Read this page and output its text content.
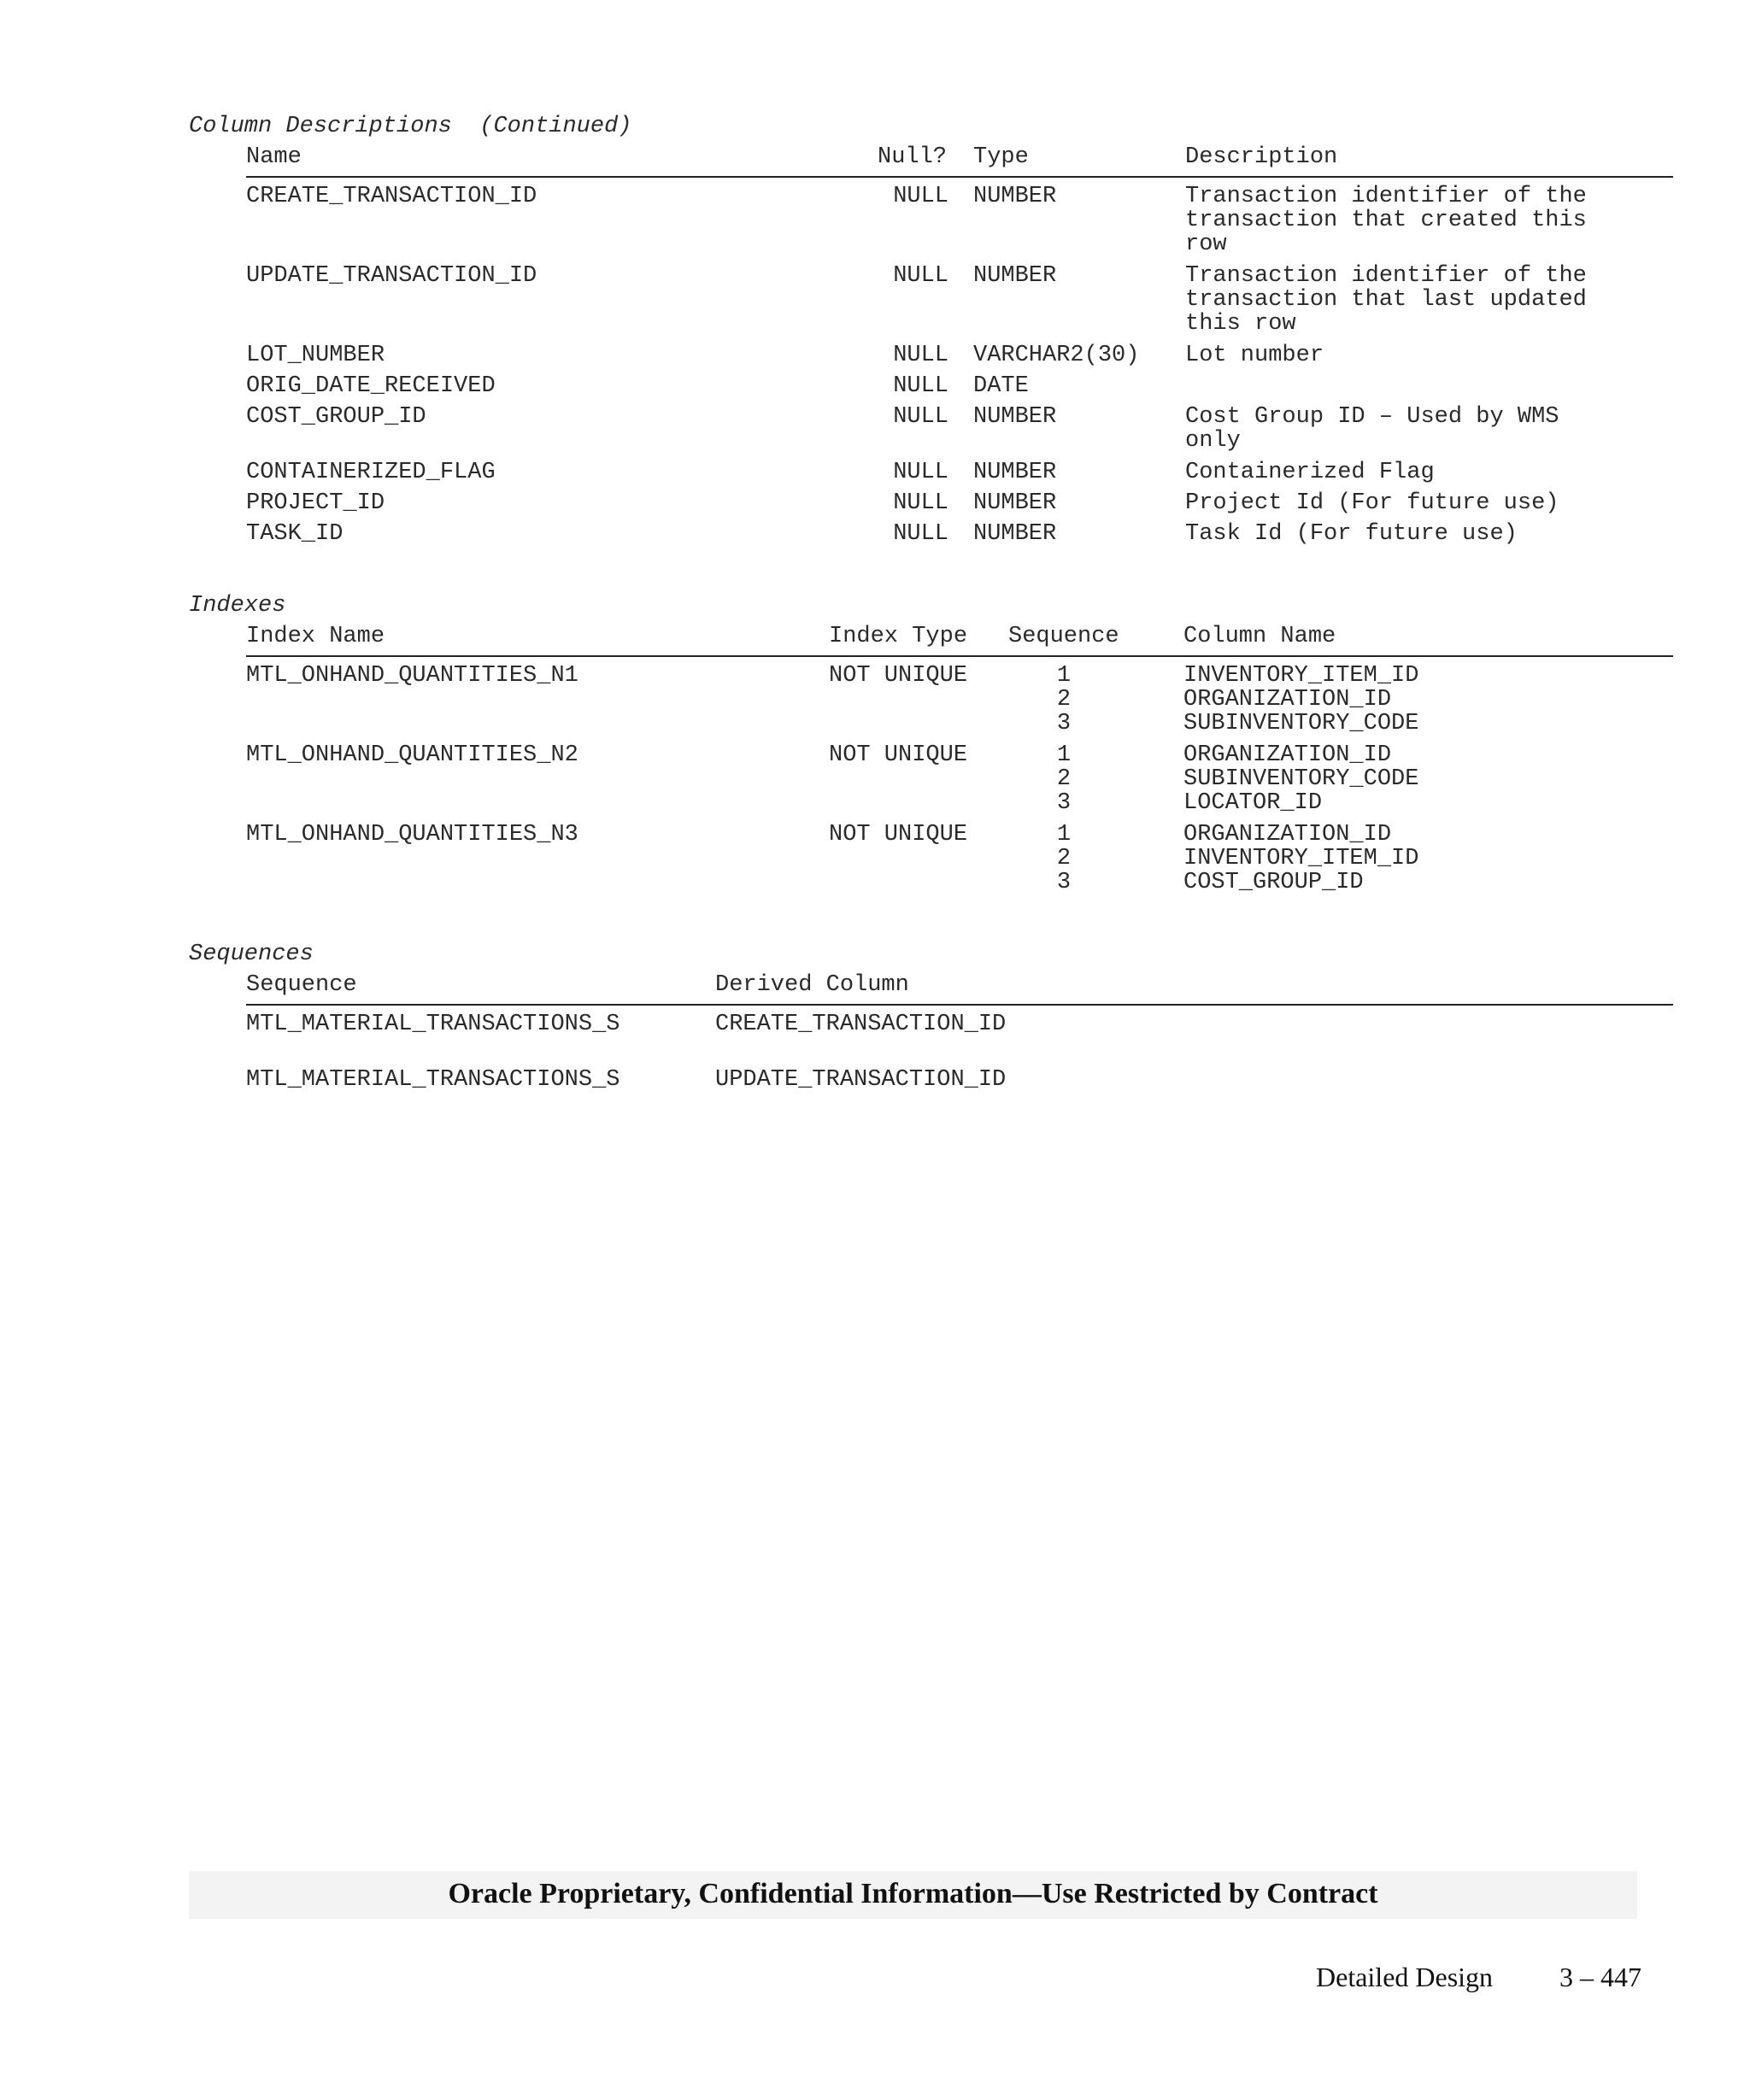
Column Descriptions  (Continued)
Name	Null? Type	Description
CREATE_TRANSACTION_ID	NULL NUMBER	Transaction identifier of the
transaction that created this
row
UPDATE_TRANSACTION_ID	NULL NUMBER	Transaction identifier of the
transaction that last updated
this row
LOT_NUMBER	NULL VARCHAR2(30) Lot number
ORIG_DATE_RECEIVED	NULL DATE
COST_GROUP_ID	NULL NUMBER	Cost Group ID – Used by WMS
only
CONTAINERIZED_FLAG	NULL NUMBER	Containerized Flag
PROJECT_ID	NULL NUMBER	Project Id (For future use)
TASK_ID	NULL NUMBER	Task Id (For future use)
Indexes
Index Name	Index Type Sequence	Column Name
MTL_ONHAND_QUANTITIES_N1	NOT UNIQUE	1	INVENTORY_ITEM_ID
2	ORGANIZATION_ID
3	SUBINVENTORY_CODE
MTL_ONHAND_QUANTITIES_N2	NOT UNIQUE	1	ORGANIZATION_ID
2	SUBINVENTORY_CODE
3	LOCATOR_ID
MTL_ONHAND_QUANTITIES_N3	NOT UNIQUE	1	ORGANIZATION_ID
2	INVENTORY_ITEM_ID
3	COST_GROUP_ID
Sequences
Sequence	Derived Column
MTL_MATERIAL_TRANSACTIONS_S	CREATE_TRANSACTION_ID
MTL_MATERIAL_TRANSACTIONS_S	UPDATE_TRANSACTION_ID
Oracle Proprietary, Confidential Information––Use Restricted by Contract
Detailed Design 3 – 447
